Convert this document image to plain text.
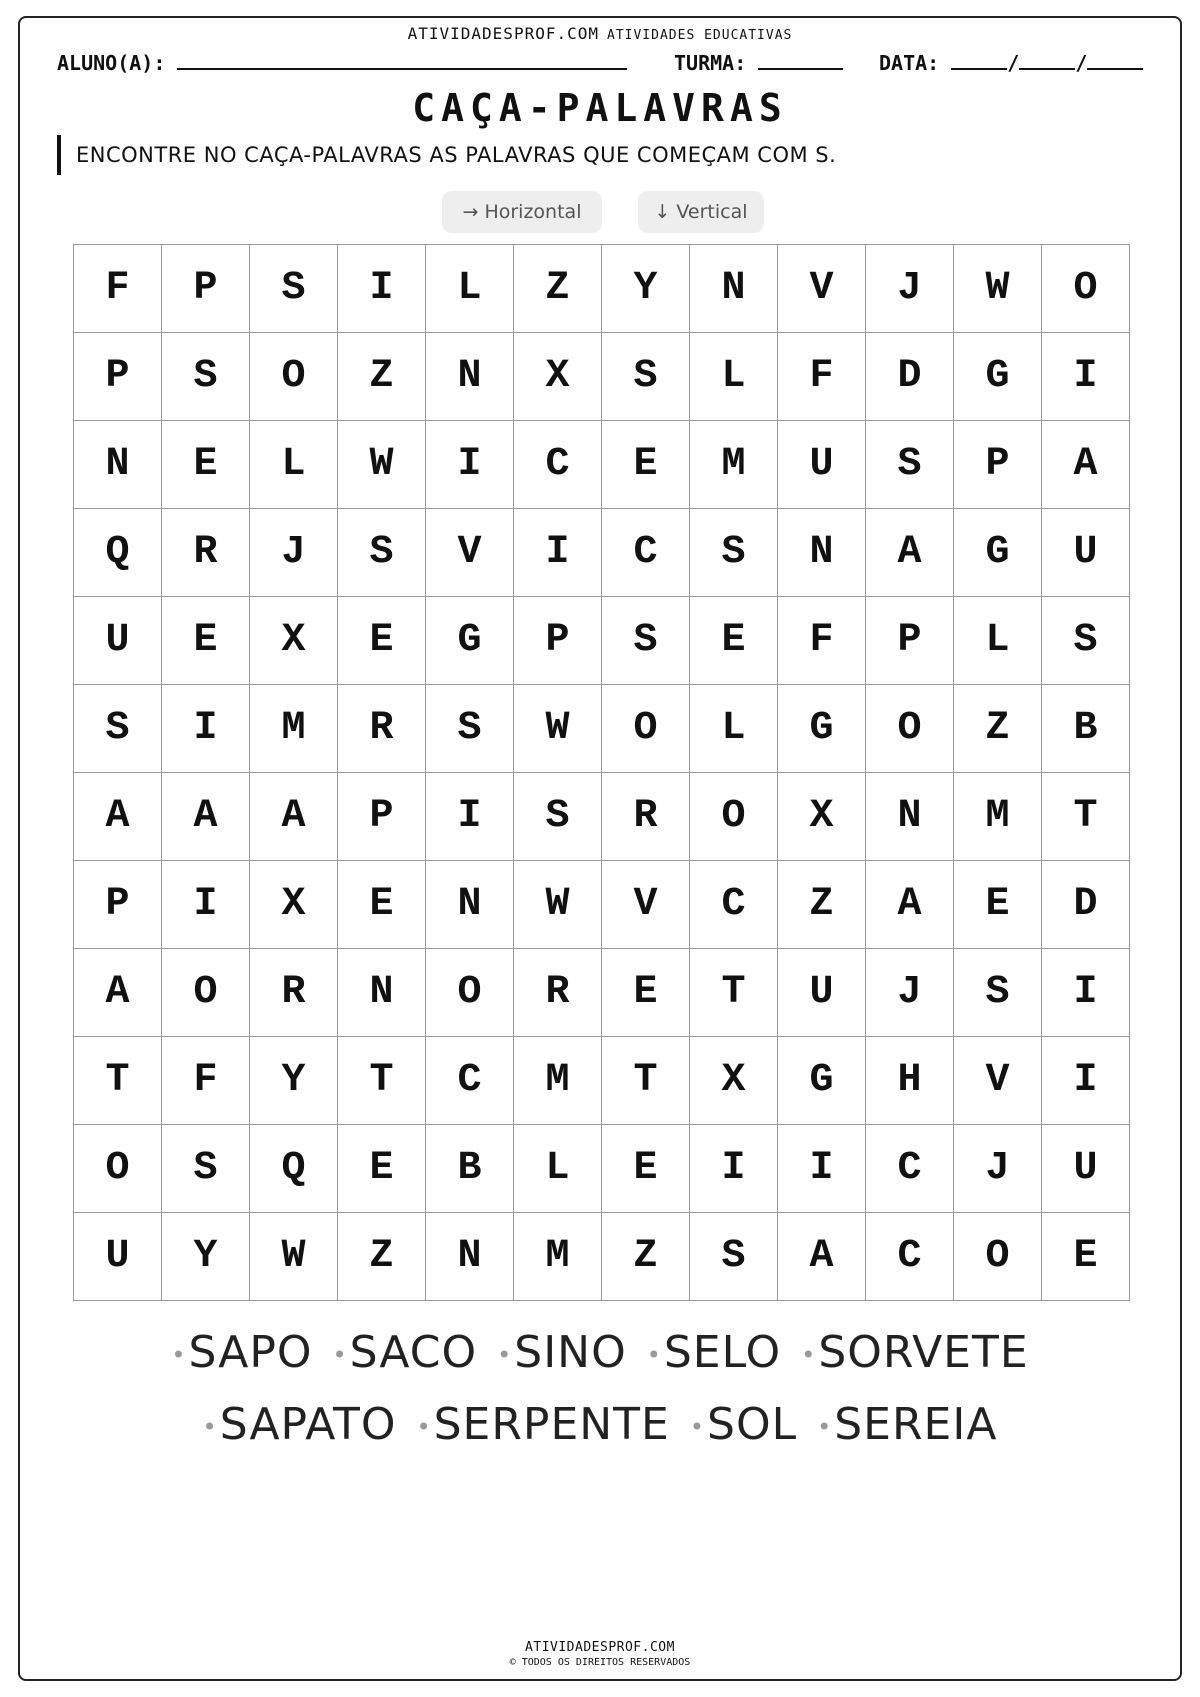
ATIVIDADESPROF.COM ATIVIDADES EDUCATIVAS
ALUNO(A):	TURMA:	DATA:	/	/
CAÇA-PALAVRAS
ENCONTRE NO CAÇA-PALAVRAS AS PALAVRAS QUE COMEÇAM COM S.
→ Horizontal	↓ Vertical
F	P	S	I	L	Z	Y	N	V	J	W	O
P	S	O	Z	N	X	S	L	F	D	G	I
N	E	L	W	I	C	E	M	U	S	P	A
Q	R	J	S	V	I	C	S	N	A	G	U
U	E	X	E	G	P	S	E	F	P	L	S
S	I	M	R	S	W	O	L	G	O	Z	B
A	A	A	P	I	S	R	O	X	N	M	T
P	I	X	E	N	W	V	C	Z	A	E	D
A	O	R	N	O	R	E	T	U	J	S	I
T	F	Y	T	C	M	T	X	G	H	V	I
O	S	Q	E	B	L	E	I	I	C	J	U
U	Y	W	Z	N	M	Z	S	A	C	O	E
•SAPO •SACO •SINO •SELO •SORVETE
•SAPATO •SERPENTE •SOL •SEREIA
ATIVIDADESPROF.COM
© TODOS OS DIREITOS RESERVADOS
